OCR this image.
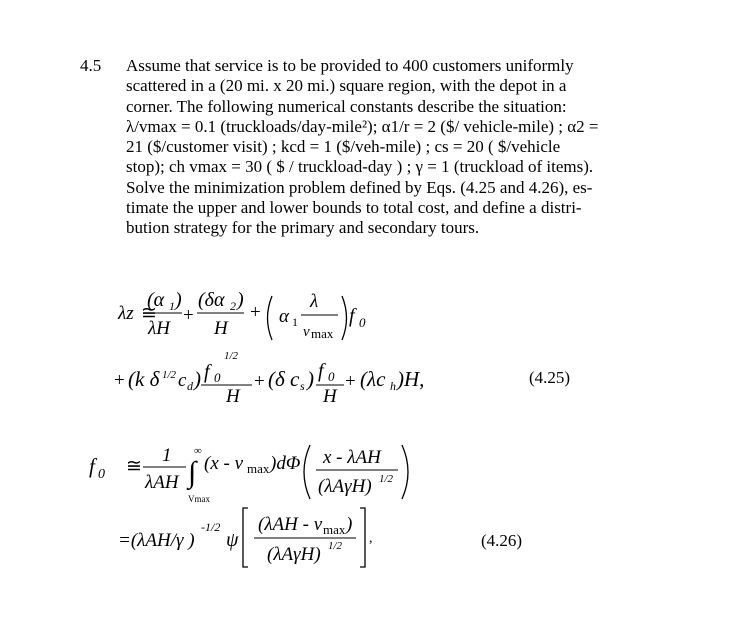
4.5 Assume that service is to be provided to 400 customers uniformly
scattered in a (20 mi. x 20 mi.) square region, with the depot in a
corner. The following numerical constants describe the situation:
λ/vmax = 0.1 (truckloads/day-mile²); α1/r = 2 ($/ vehicle-mile) ; α2 =
21 ($/customer visit) ; kcd = 1 ($/veh-mile) ; cs = 20 ( $/vehicle
stop); ch vmax = 30 ( $ / truckload-day ) ; γ = 1 (truckload of items).
Solve the minimization problem defined by Eqs. (4.25 and 4.26), es-
timate the upper and lower bounds to total cost, and define a distri-
bution strategy for the primary and secondary tours.
λz ≅
(α 1 )
λH
+
(δα 2 )
H
+ α 1
λ
v max
f 0
+ (k δ 1/2 c d )
1/2
f 0
H
+ (δ c s ) f 0
H
+ (λc h )H,	(4.25)
f 0 ≅
1
λAH
∞
∫
Vmax
(x - v max )dΦ x - λAH
(λAγH) 1/2
=(λAH/γ )
-1/2
ψ
(λAH - v max )
(λAγH) 1/2 ,	(4.26)
